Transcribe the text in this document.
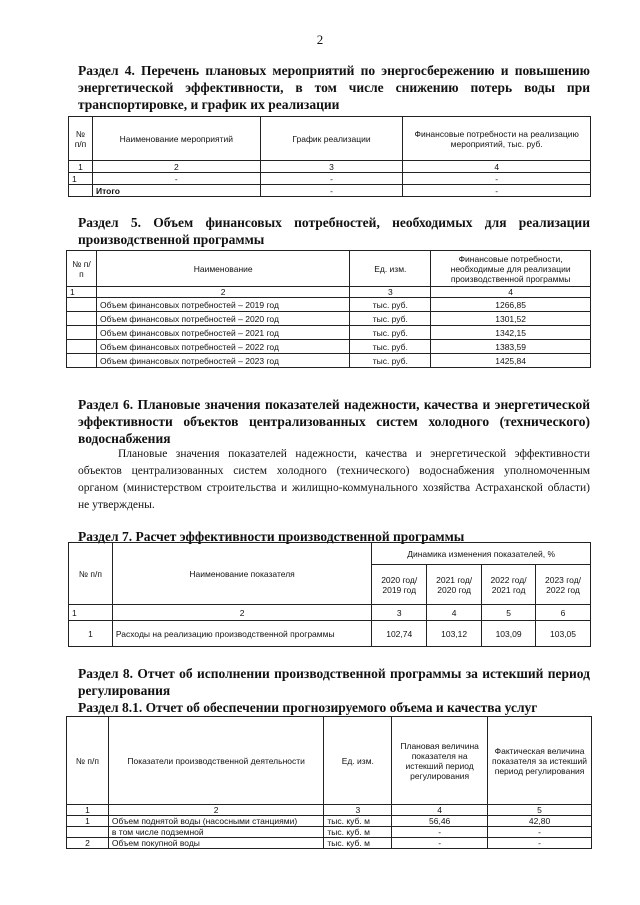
2

Раздел 4. Перечень плановых мероприятий по энергосбережению и повышению энергетической эффективности, в том числе снижению потерь воды при транспортировке, и график их реализации

№ п/п	Наименование мероприятий	График реализации	Финансовые потребности на реализацию мероприятий, тыс. руб.
1	2	3	4
1	-	-	-
	Итого	-	-

Раздел 5. Объем финансовых потребностей, необходимых для реализации производственной программы

№ п/п	Наименование	Ед. изм.	Финансовые потребности, необходимые для реализации производственной программы
1	2	3	4
	Объем финансовых потребностей – 2019 год	тыс. руб.	1266,85
	Объем финансовых потребностей – 2020 год	тыс. руб.	1301,52
	Объем финансовых потребностей – 2021 год	тыс. руб.	1342,15
	Объем финансовых потребностей – 2022 год	тыс. руб.	1383,59
	Объем финансовых потребностей – 2023 год	тыс. руб.	1425,84

Раздел 6. Плановые значения показателей надежности, качества и энергетической эффективности объектов централизованных систем холодного (технического) водоснабжения

Плановые значения показателей надежности, качества и энергетической эффективности объектов централизованных систем холодного (технического) водоснабжения уполномоченным органом (министерством строительства и жилищно-коммунального хозяйства Астраханской области) не утверждены.

Раздел 7. Расчет эффективности производственной программы

№ п/п	Наименование показателя	Динамика изменения показателей, %			
		2020 год/ 2019 год	2021 год/ 2020 год	2022 год/ 2021 год	2023 год/ 2022 год
1	2	3	4	5	6
1	Расходы на реализацию производственной программы	102,74	103,12	103,09	103,05

Раздел 8. Отчет об исполнении производственной программы за истекший период регулирования

Раздел 8.1. Отчет об обеспечении прогнозируемого объема и качества услуг

№ п/п	Показатели производственной деятельности	Ед. изм.	Плановая величина показателя на истекший период регулирования	Фактическая величина показателя за истекший период регулирования
1	2	3	4	5
1	Объем поднятой воды (насосными станциями)	тыс. куб. м	56,46	42,80
	в том числе подземной	тыс. куб. м	-	-
2	Объем покупной воды	тыс. куб. м	-	-
